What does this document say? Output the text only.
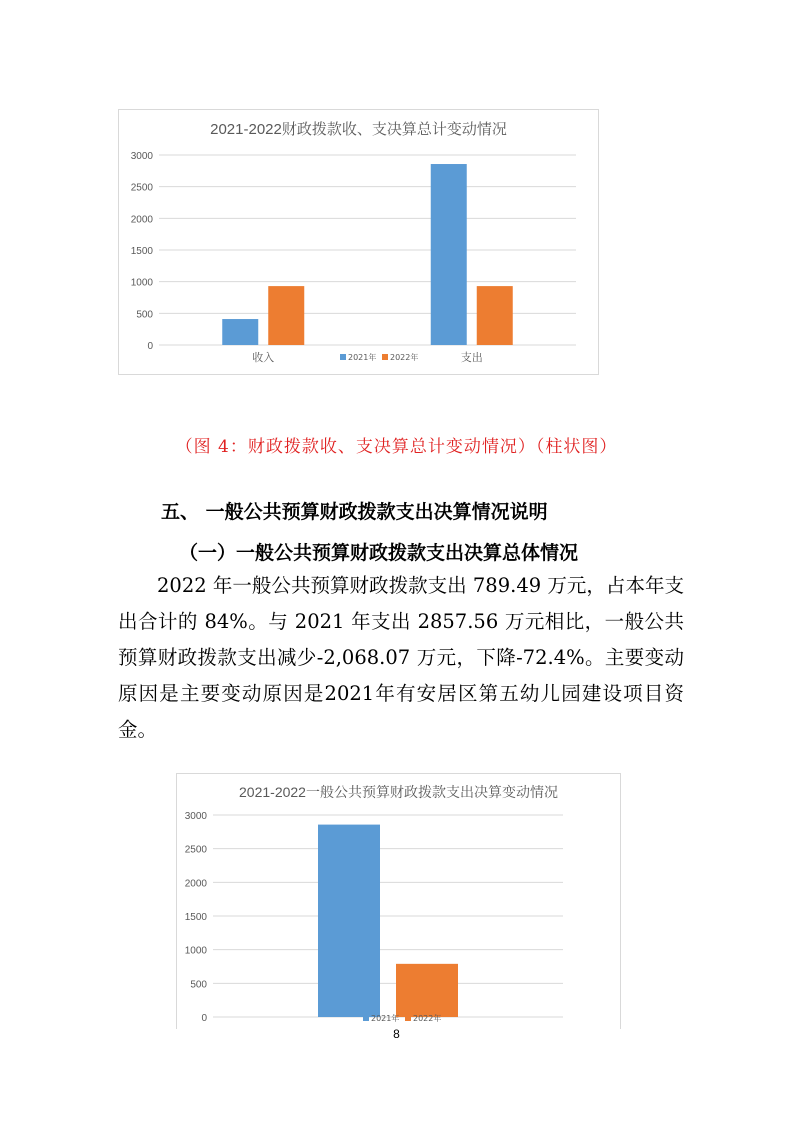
2021-2022财政拨款收、支决算总计变动情况
0
500
1000
1500
2000
2500
3000
收入	支出
2021年 2022年
（图 4：财政拨款收、支决算总计变动情况）（柱状图）
五、 一般公共预算财政拨款支出决算情况说明
（一）一般公共预算财政拨款支出决算总体情况
2022 年一般公共预算财政拨款支出 789.49 万元，占本年支出合计的 84%。与 2021 年支出 2857.56 万元相比，一般公共预算财政拨款支出减少-2,068.07 万元，下降-72.4%。主要变动原因是主要变动原因是2021年有安居区第五幼儿园建设项目资金。
2021-2022一般公共预算财政拨款支出决算变动情况
0
500
1000
1500
2000
2500
3000
2021年 2022年
8
